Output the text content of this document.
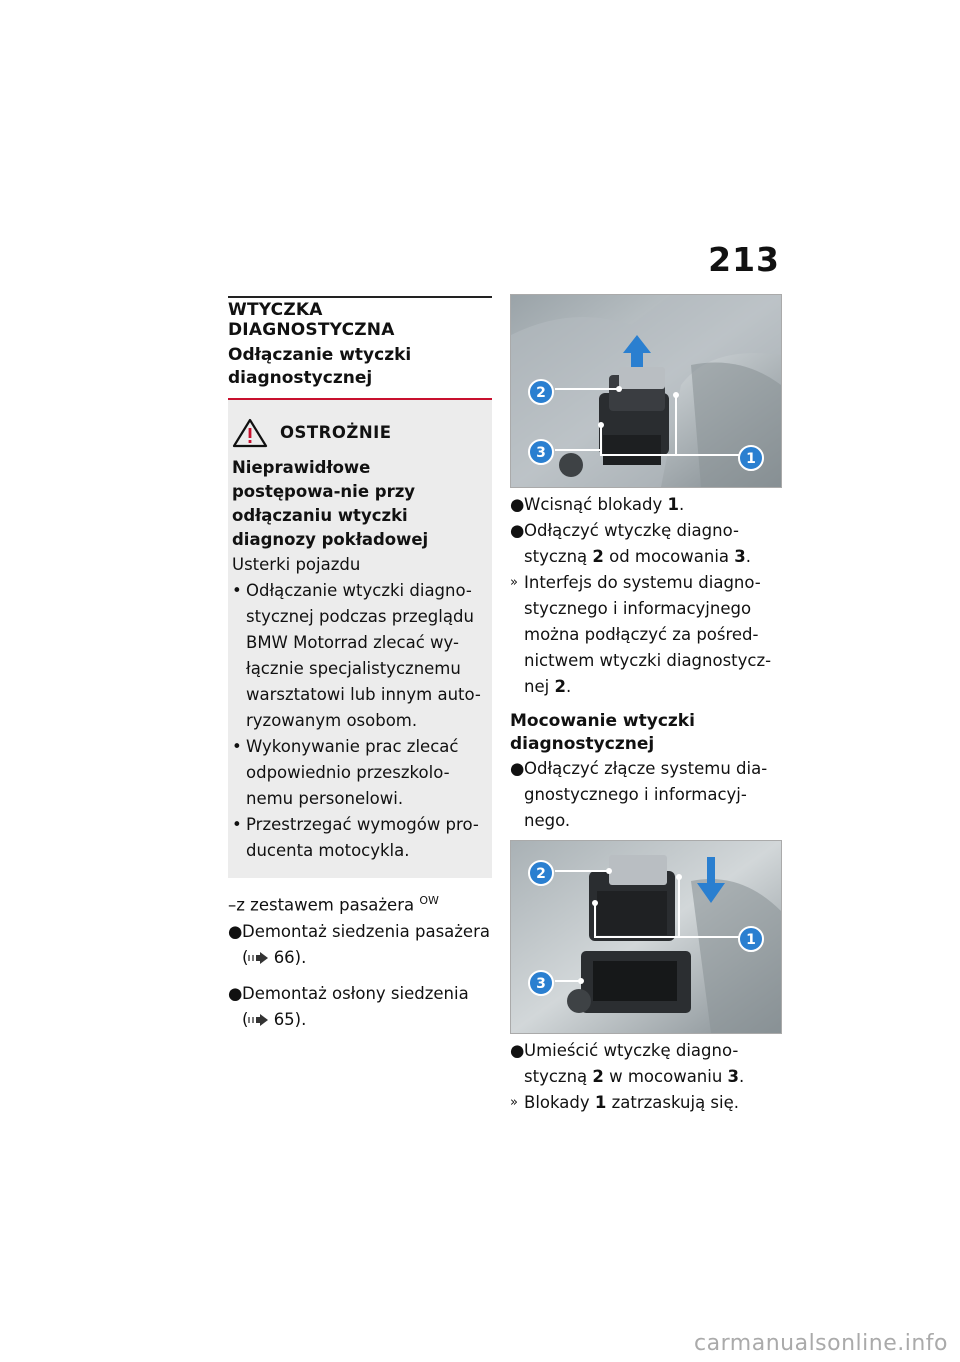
213
WTYCZKA DIAGNOSTYCZNA
Odłączanie wtyczki diagnostycznej
OSTROŻNIE
Nieprawidłowe postępowa-nie przy odłączaniu wtyczki diagnozy pokładowej
Usterki pojazdu
• Odłączanie wtyczki diagno-stycznej podczas przeglądu BMW Motorrad zlecać wy-łącznie specjalistycznemu warsztatowi lub innym auto-ryzowanym osobom.
• Wykonywanie prac zlecać odpowiednio przeszkolo-nemu personelowi.
• Przestrzegać wymogów pro-ducenta motocykla.
–z zestawem pasażera $^{OW}$
● Demontaż siedzenia pasażera
( 66).
● Demontaż osłony siedzenia
( 65).
2
3	1
● Wcisnąć blokady 1.
● Odłączyć wtyczkę diagno-styczną 2 od mocowania 3.
» Interfejs do systemu diagno-stycznego i informacyjnego można podłączyć za pośred-nictwem wtyczki diagnostycz-nej 2.
Mocowanie wtyczki diagnostycznej
● Odłączyć złącze systemu dia-gnostycznego i informacyj-nego.
2
1
3
● Umieścić wtyczkę diagno-styczną 2 w mocowaniu 3.
» Blokady 1 zatrzaskują się.
carmanualsonline.info
